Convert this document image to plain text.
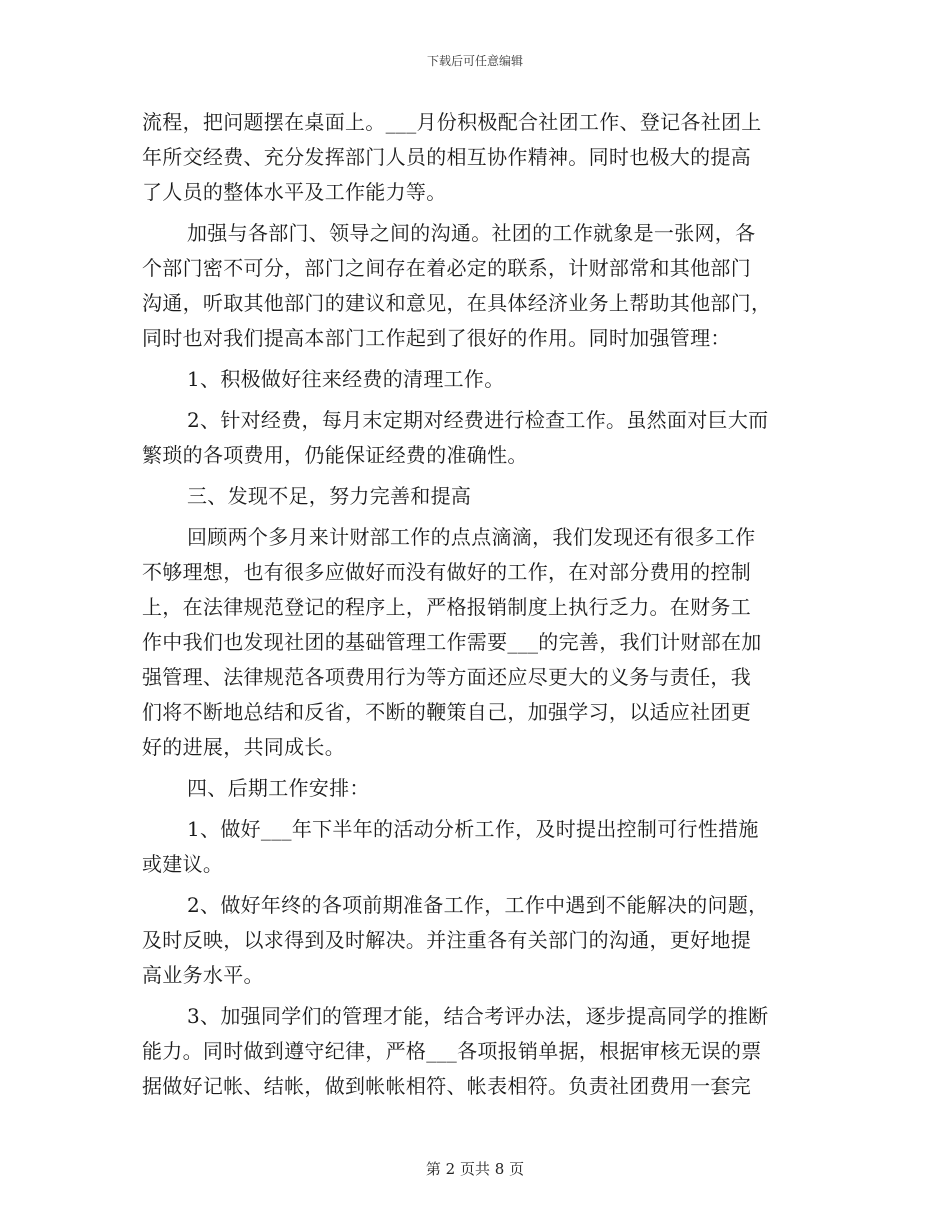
下载后可任意编辑
流程，把问题摆在桌面上。___月份积极配合社团工作、登记各社团上
年所交经费、充分发挥部门人员的相互协作精神。同时也极大的提高
了人员的整体水平及工作能力等。
加强与各部门、领导之间的沟通。社团的工作就象是一张网，各
个部门密不可分，部门之间存在着必定的联系，计财部常和其他部门
沟通，听取其他部门的建议和意见，在具体经济业务上帮助其他部门，
同时也对我们提高本部门工作起到了很好的作用。同时加强管理：
1、积极做好往来经费的清理工作。
2、针对经费，每月末定期对经费进行检查工作。虽然面对巨大而
繁琐的各项费用，仍能保证经费的准确性。
三、发现不足，努力完善和提高
回顾两个多月来计财部工作的点点滴滴，我们发现还有很多工作
不够理想，也有很多应做好而没有做好的工作，在对部分费用的控制
上，在法律规范登记的程序上，严格报销制度上执行乏力。在财务工
作中我们也发现社团的基础管理工作需要___的完善，我们计财部在加
强管理、法律规范各项费用行为等方面还应尽更大的义务与责任，我
们将不断地总结和反省，不断的鞭策自己，加强学习，以适应社团更
好的进展，共同成长。
四、后期工作安排：
1、做好___年下半年的活动分析工作，及时提出控制可行性措施
或建议。
2、做好年终的各项前期准备工作，工作中遇到不能解决的问题，
及时反映，以求得到及时解决。并注重各有关部门的沟通，更好地提
高业务水平。
3、加强同学们的管理才能，结合考评办法，逐步提高同学的推断
能力。同时做到遵守纪律，严格___各项报销单据，根据审核无误的票
据做好记帐、结帐，做到帐帐相符、帐表相符。负责社团费用一套完
第 2 页共 8 页
